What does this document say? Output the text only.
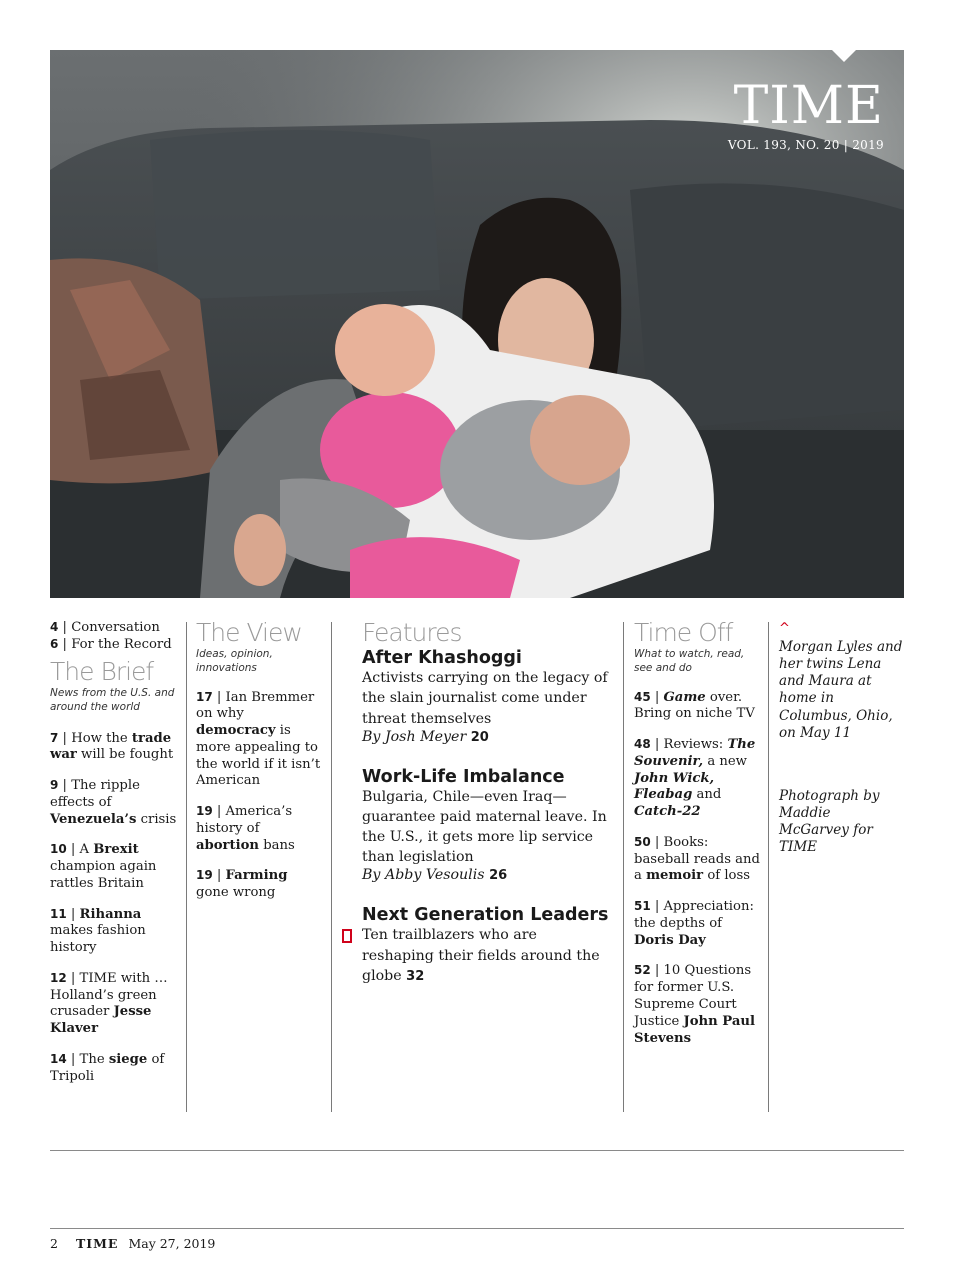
TIME
VOL. 193, NO. 20 | 2019
4 | Conversation
6 | For the Record
The Brief
News from the U.S. and around the world
7 | How the trade war will be fought
9 | The ripple effects of Venezuela’s crisis
10 | A Brexit champion again rattles Britain
11 | Rihanna makes fashion history
12 | TIME with … Holland’s green crusader Jesse Klaver
14 | The siege of Tripoli
The View
Ideas, opinion, innovations
17 | Ian Bremmer on why democracy is more appealing to the world if it isn’t American
19 | America’s history of abortion bans
19 | Farming gone wrong
Features
After Khashoggi
Activists carrying on the legacy of the slain journalist come under threat themselves
By Josh Meyer 20
Work-Life Imbalance
Bulgaria, Chile—even Iraq—guarantee paid maternal leave. In the U.S., it gets more lip service than legislation
By Abby Vesoulis 26
Next Generation Leaders
Ten trailblazers who are reshaping their fields around the globe 32
Time Off
What to watch, read, see and do
45 | Game over. Bring on niche TV
48 | Reviews: The Souvenir, a new John Wick, Fleabag and Catch-22
50 | Books: baseball reads and a memoir of loss
51 | Appreciation: the depths of Doris Day
52 | 10 Questions for former U.S. Supreme Court Justice John Paul Stevens
^
Morgan Lyles and her twins Lena and Maura at home in Columbus, Ohio, on May 11
Photograph by Maddie McGarvey for TIME
2 TIME May 27, 2019
